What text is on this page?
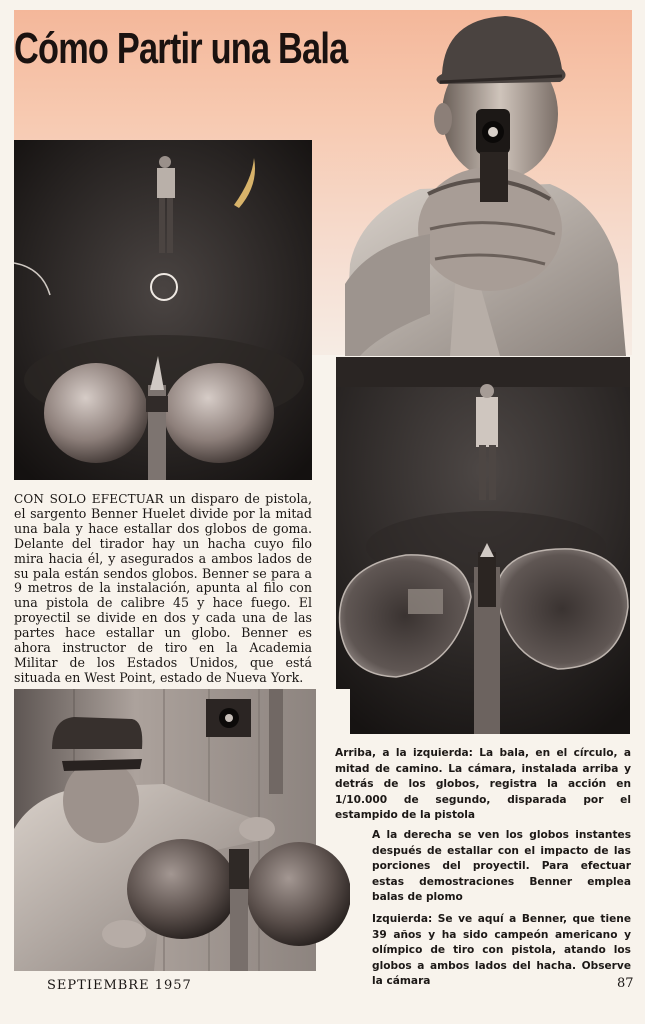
Cómo Partir una Bala
CON SOLO EFECTUAR un disparo de pistola, el sargento Benner Huelet divide por la mitad una bala y hace estallar dos globos de goma. Delante del tirador hay un hacha cuyo filo mira hacia él, y asegurados a ambos lados de su pala están sendos globos. Benner se para a 9 metros de la instalación, apunta al filo con una pistola de calibre 45 y hace fuego. El proyectil se divide en dos y cada una de las partes hace estallar un globo. Benner es ahora instructor de tiro en la Academia Militar de los Estados Unidos, que está situada en West Point, estado de Nueva York.
Arriba, a la izquierda: La bala, en el círculo, a mitad de camino. La cámara, instalada arriba y detrás de los globos, registra la acción en 1/10.000 de segundo, disparada por el estampido de la pistola
A la derecha se ven los globos instantes después de estallar con el impacto de las porciones del proyectil. Para efectuar estas demostraciones Benner emplea balas de plomo
Izquierda: Se ve aquí a Benner, que tiene 39 años y ha sido campeón americano y olímpico de tiro con pistola, atando los globos a ambos lados del hacha. Observe la cámara
SEPTIEMBRE 1957	87
